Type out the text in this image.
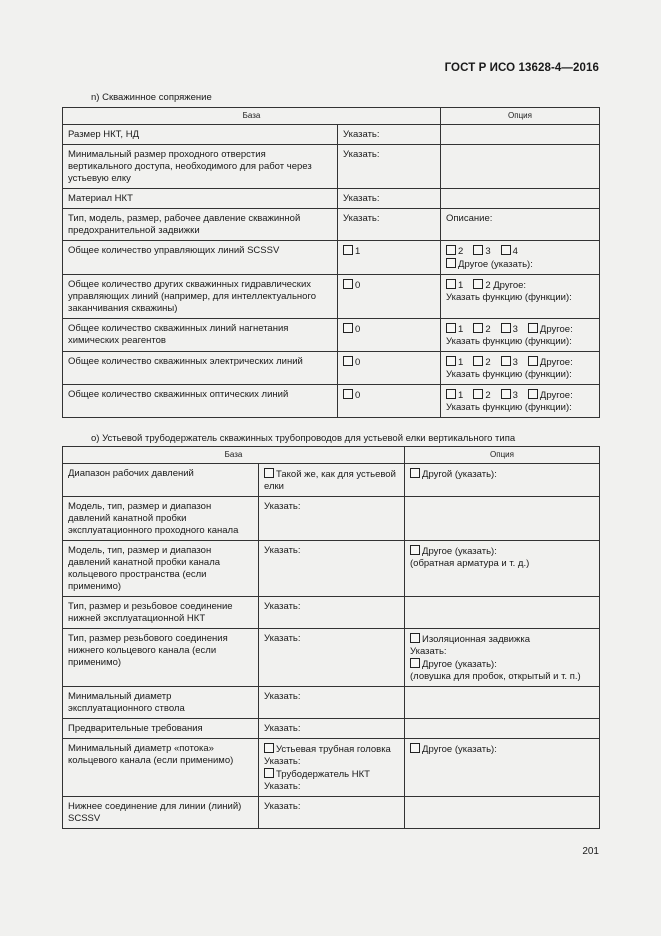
ГОСТ Р ИСО 13628-4—2016
n) Скважинное сопряжение
База		Опция
Размер НКТ, НД	Указать:	
Минимальный размер проходного отверстия вертикального доступа, необходимого для работ через устьевую елку	Указать:	
Материал НКТ	Указать:	
Тип, модель, размер, рабочее давление скважинной предохранительной задвижки	Указать:	Описание:
Общее количество управляющих линий SCSSV	1	2 3 4
Другое (указать):

Общее количество других скважинных гидравлических управляющих линий (например, для интеллектуального заканчивания скважины)	0	1 2 Другое:
Указать функцию (функции):

Общее количество скважинных линий нагнетания химических реагентов	0	1 2 3 Другое:
Указать функцию (функции):

Общее количество скважинных электрических линий	0	1 2 3 Другое:
Указать функцию (функции):

Общее количество скважинных оптических линий	0	1 2 3 Другое:
Указать функцию (функции):
o) Устьевой трубодержатель скважинных трубопроводов для устьевой елки вертикального типа
База		Опция
Диапазон рабочих давлений	Такой же, как для устьевой елки	Другой (указать):
Модель, тип, размер и диапазон давлений канатной пробки эксплуатационного проходного канала	Указать:	
Модель, тип, размер и диапазон давлений канатной пробки канала кольцевого пространства (если применимо)	Указать:	Другое (указать):
(обратная арматура и т. д.)

Тип, размер и резьбовое соединение нижней эксплуатационной НКТ	Указать:	
Тип, размер резьбового соединения нижнего кольцевого канала (если применимо)	Указать:	Изоляционная задвижка
Указать:
Другое (указать):
(ловушка для пробок, открытый и т. п.)

Минимальный диаметр эксплуатационного ствола	Указать:	
Предварительные требования	Указать:	
Минимальный диаметр «потока» кольцевого канала (если применимо)	Устьевая трубная головка
Указать:
Трубодержатель НКТ
Указать:	Другое (указать):
Нижнее соединение для линии (линий) SCSSV	Указать:	
201
